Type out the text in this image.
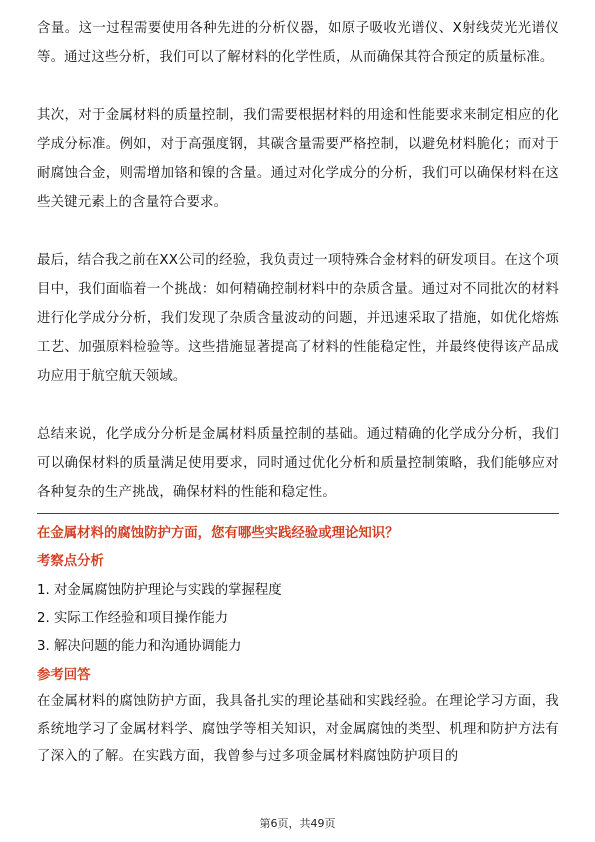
含量。这一过程需要使用各种先进的分析仪器，如原子吸收光谱仪、X射线荧光光谱仪等。通过这些分析，我们可以了解材料的化学性质，从而确保其符合预定的质量标准。

其次，对于金属材料的质量控制，我们需要根据材料的用途和性能要求来制定相应的化学成分标准。例如，对于高强度钢，其碳含量需要严格控制，以避免材料脆化；而对于耐腐蚀合金，则需增加铬和镍的含量。通过对化学成分的分析，我们可以确保材料在这些关键元素上的含量符合要求。

最后，结合我之前在XX公司的经验，我负责过一项特殊合金材料的研发项目。在这个项目中，我们面临着一个挑战：如何精确控制材料中的杂质含量。通过对不同批次的材料进行化学成分分析，我们发现了杂质含量波动的问题，并迅速采取了措施，如优化熔炼工艺、加强原料检验等。这些措施显著提高了材料的性能稳定性，并最终使得该产品成功应用于航空航天领域。

总结来说，化学成分分析是金属材料质量控制的基础。通过精确的化学成分分析，我们可以确保材料的质量满足使用要求，同时通过优化分析和质量控制策略，我们能够应对各种复杂的生产挑战，确保材料的性能和稳定性。

在金属材料的腐蚀防护方面，您有哪些实践经验或理论知识？
考察点分析
1. 对金属腐蚀防护理论与实践的掌握程度
2. 实际工作经验和项目操作能力
3. 解决问题的能力和沟通协调能力
参考回答

在金属材料的腐蚀防护方面，我具备扎实的理论基础和实践经验。在理论学习方面，我系统地学习了金属材料学、腐蚀学等相关知识，对金属腐蚀的类型、机理和防护方法有了深入的了解。在实践方面，我曾参与过多项金属材料腐蚀防护项目的

第6页，共49页
